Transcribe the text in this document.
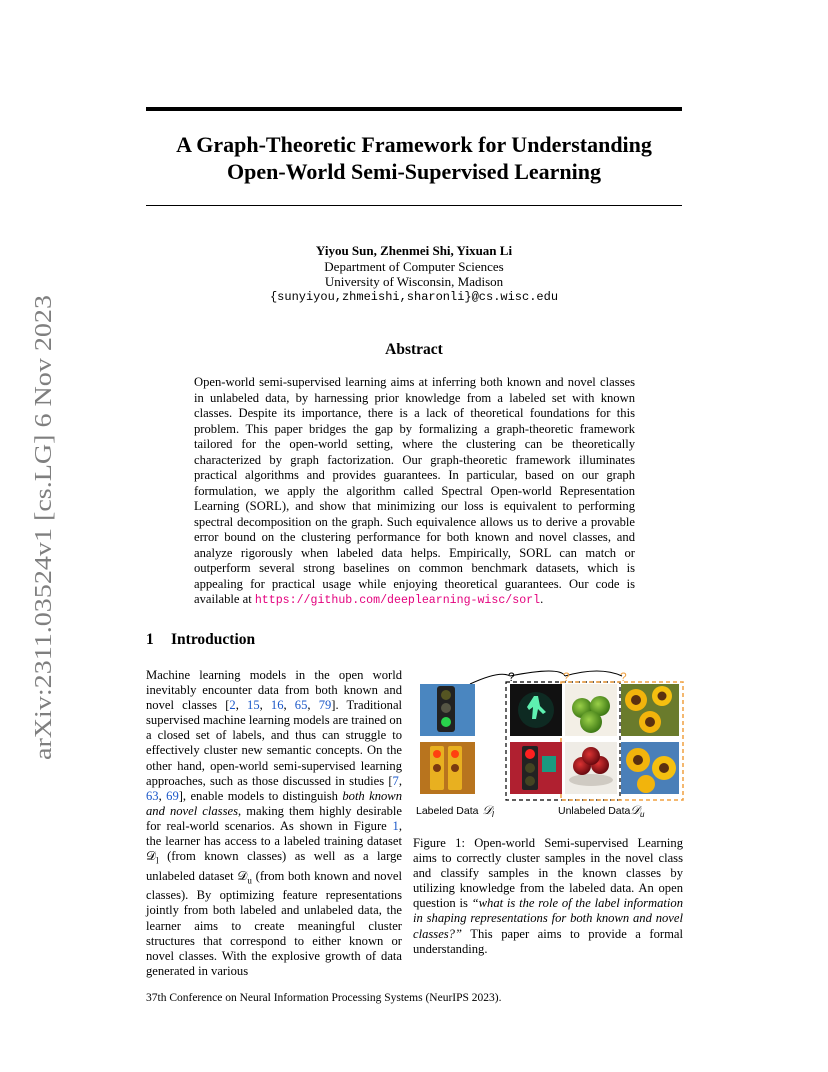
arXiv:2311.03524v1 [cs.LG] 6 Nov 2023
A Graph-Theoretic Framework for Understanding
Open-World Semi-Supervised Learning
Yiyou Sun, Zhenmei Shi, Yixuan Li
Department of Computer Sciences
University of Wisconsin, Madison
{sunyiyou,zhmeishi,sharonli}@cs.wisc.edu
Abstract
Open-world semi-supervised learning aims at inferring both known and novel classes in unlabeled data, by harnessing prior knowledge from a labeled set with known classes. Despite its importance, there is a lack of theoretical foundations for this problem. This paper bridges the gap by formalizing a graph-theoretic framework tailored for the open-world setting, where the clustering can be theoretically characterized by graph factorization. Our graph-theoretic framework illuminates practical algorithms and provides guarantees. In particular, based on our graph formulation, we apply the algorithm called Spectral Open-world Representation Learning (SORL), and show that minimizing our loss is equivalent to performing spectral decomposition on the graph. Such equivalence allows us to derive a provable error bound on the clustering performance for both known and novel classes, and analyze rigorously when labeled data helps. Empirically, SORL can match or outperform several strong baselines on common benchmark datasets, which is appealing for practical usage while enjoying theoretical guarantees. Our code is available at https://github.com/deeplearning-wisc/sorl.
1 Introduction
Machine learning models in the open world inevitably encounter data from both known and novel classes [2, 15, 16, 65, 79]. Traditional supervised machine learning models are trained on a closed set of labels, and thus can struggle to effectively cluster new semantic concepts. On the other hand, open-world semi-supervised learning approaches, such as those discussed in studies [7, 63, 69], enable models to distinguish both known and novel classes, making them highly desirable for real-world scenarios. As shown in Figure 1, the learner has access to a labeled training dataset 𝒟$_l$ (from known classes) as well as a large unlabeled dataset 𝒟$_u$ (from both known and novel classes). By optimizing feature representations jointly from both labeled and unlabeled data, the learner aims to create meaningful cluster structures that correspond to either known or novel classes. With the explosive growth of data generated in various
?	?	?
Labeled Data 𝒟$_l$	Unlabeled Data𝒟$_u$
Figure 1: Open-world Semi-supervised Learning aims to correctly cluster samples in the novel class and classify samples in the known classes by utilizing knowledge from the labeled data. An open question is “what is the role of the label information in shaping representations for both known and novel classes?” This paper aims to provide a formal understanding.
37th Conference on Neural Information Processing Systems (NeurIPS 2023).
